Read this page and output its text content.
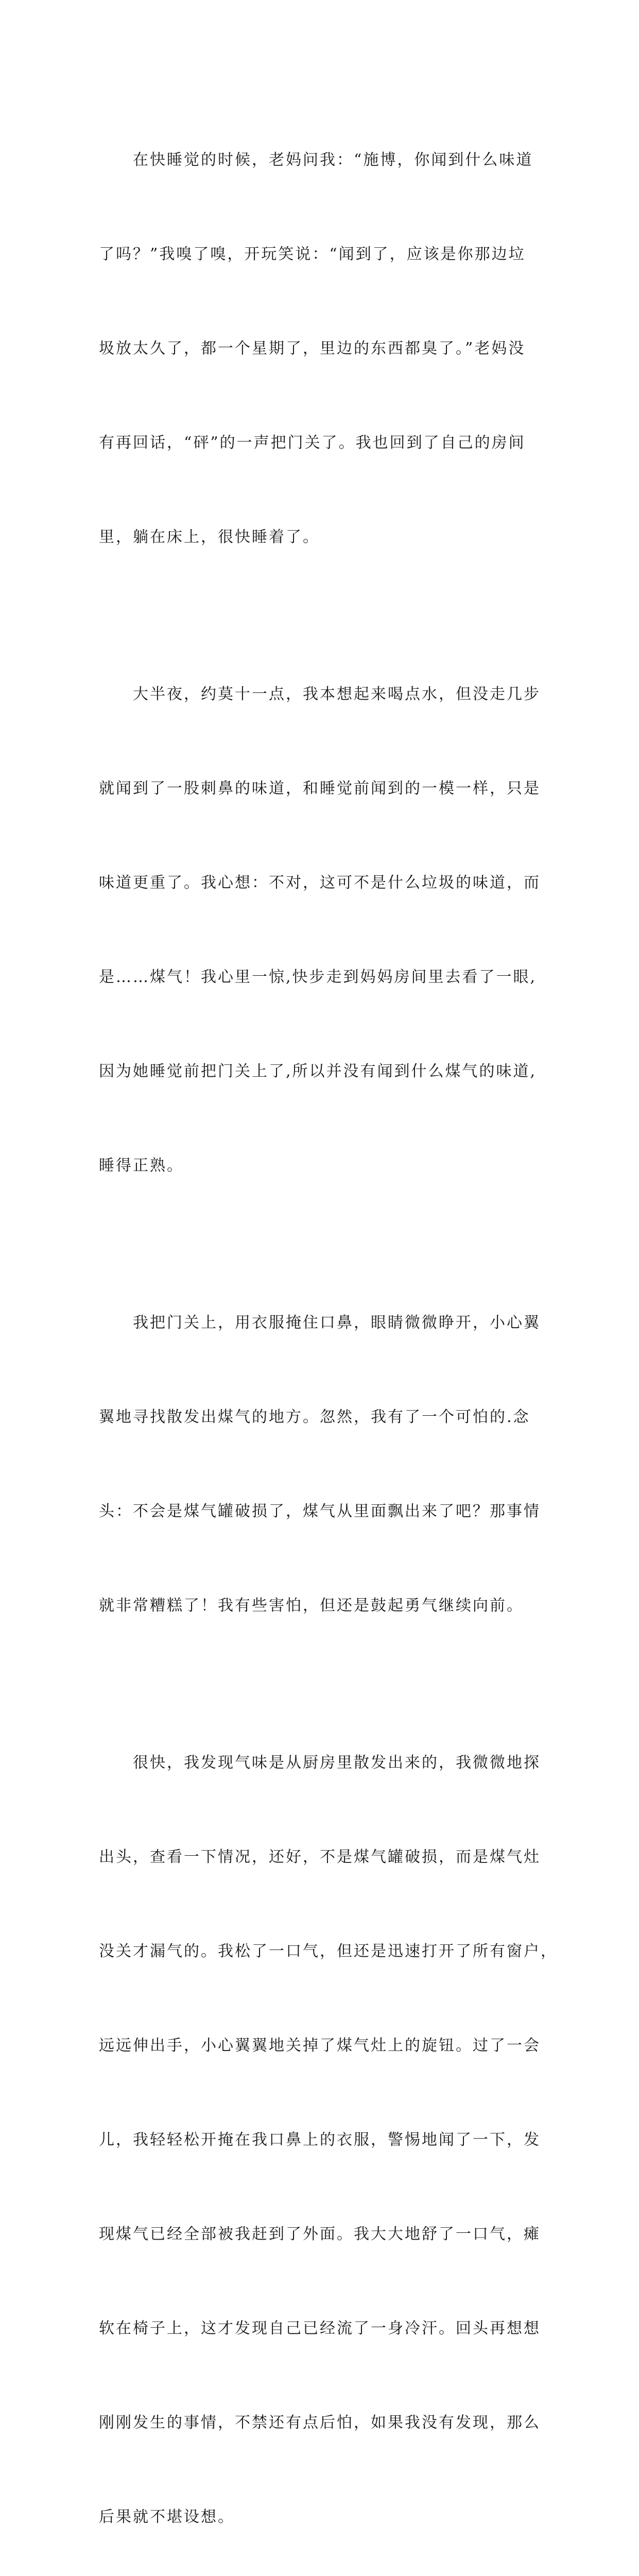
　　在快睡觉的时候，老妈问我：“施博，你闻到什么味道

了吗？”我嗅了嗅，开玩笑说：“闻到了，应该是你那边垃

圾放太久了，都一个星期了，里边的东西都臭了。”老妈没

有再回话，“砰”的一声把门关了。我也回到了自己的房间

里，躺在床上，很快睡着了。

　　大半夜，约莫十一点，我本想起来喝点水，但没走几步

就闻到了一股刺鼻的味道，和睡觉前闻到的一模一样，只是

味道更重了。我心想：不对，这可不是什么垃圾的味道，而

是……煤气！我心里一惊,快步走到妈妈房间里去看了一眼,

因为她睡觉前把门关上了,所以并没有闻到什么煤气的味道,

睡得正熟。

　　我把门关上，用衣服掩住口鼻，眼睛微微睁开，小心翼

翼地寻找散发出煤气的地方。忽然，我有了一个可怕的.念

头：不会是煤气罐破损了，煤气从里面飘出来了吧？那事情

就非常糟糕了！我有些害怕，但还是鼓起勇气继续向前。

　　很快，我发现气味是从厨房里散发出来的，我微微地探

出头，查看一下情况，还好，不是煤气罐破损，而是煤气灶

没关才漏气的。我松了一口气，但还是迅速打开了所有窗户，

远远伸出手，小心翼翼地关掉了煤气灶上的旋钮。过了一会

儿，我轻轻松开掩在我口鼻上的衣服，警惕地闻了一下，发

现煤气已经全部被我赶到了外面。我大大地舒了一口气，瘫

软在椅子上，这才发现自己已经流了一身冷汗。回头再想想

刚刚发生的事情，不禁还有点后怕，如果我没有发现，那么

后果就不堪设想。
